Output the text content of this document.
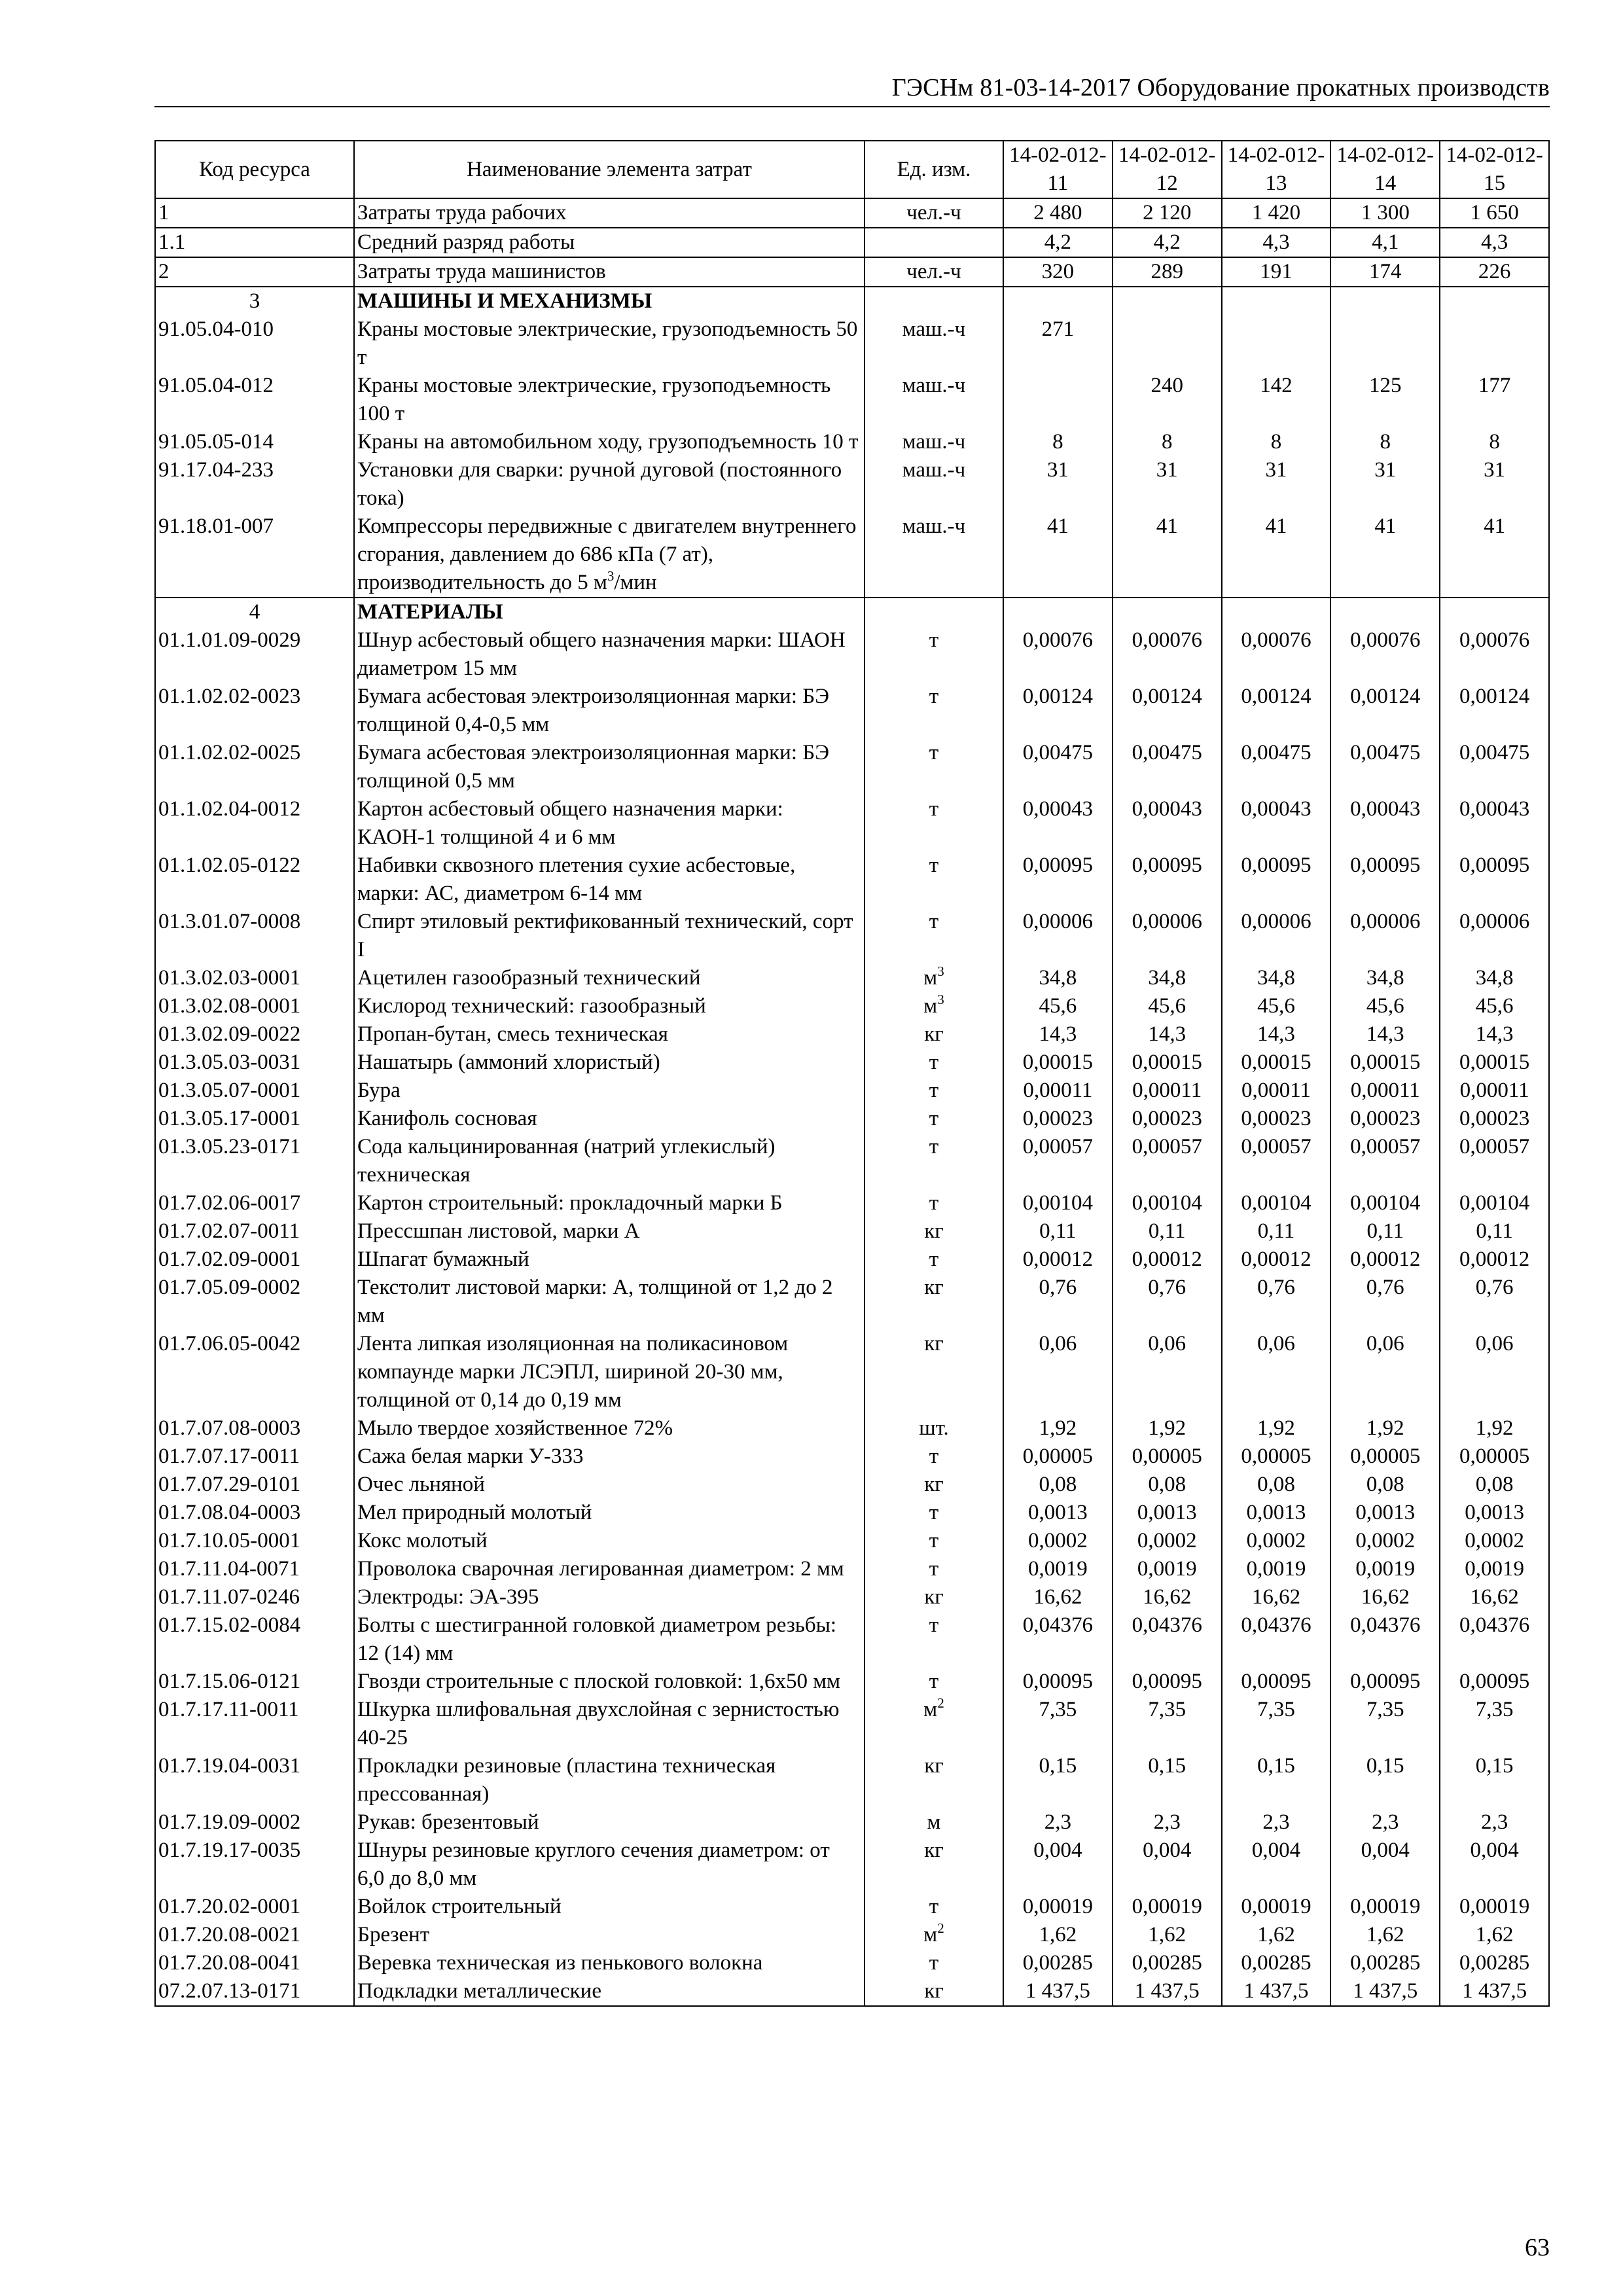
ГЭСНм 81-03-14-2017 Оборудование прокатных производств
Код ресурса	Наименование элемента затрат	Ед. изм.	14-02-012-11	14-02-012-12	14-02-012-13	14-02-012-14	14-02-012-15
1	Затраты труда рабочих	чел.-ч	2 480	2 120	1 420	1 300	1 650
1.1	Средний разряд работы		4,2	4,2	4,3	4,1	4,3
2	Затраты труда машинистов	чел.-ч	320	289	191	174	226
3	МАШИНЫ И МЕХАНИЗМЫ						
91.05.04-010	Краны мостовые электрические, грузоподъемность 50 т	маш.-ч	271				
91.05.04-012	Краны мостовые электрические, грузоподъемность 100 т	маш.-ч		240	142	125	177
91.05.05-014	Краны на автомобильном ходу, грузоподъемность 10 т	маш.-ч	8	8	8	8	8
91.17.04-233	Установки для сварки: ручной дуговой (постоянного тока)	маш.-ч	31	31	31	31	31
91.18.01-007	Компрессоры передвижные с двигателем внутреннего сгорания, давлением до 686 кПа (7 ат), производительность до 5 $м^3$/мин	маш.-ч	41	41	41	41	41
4	МАТЕРИАЛЫ						
01.1.01.09-0029	Шнур асбестовый общего назначения марки: ШАОН диаметром 15 мм	т	0,00076	0,00076	0,00076	0,00076	0,00076
01.1.02.02-0023	Бумага асбестовая электроизоляционная марки: БЭ толщиной 0,4-0,5 мм	т	0,00124	0,00124	0,00124	0,00124	0,00124
01.1.02.02-0025	Бумага асбестовая электроизоляционная марки: БЭ толщиной 0,5 мм	т	0,00475	0,00475	0,00475	0,00475	0,00475
01.1.02.04-0012	Картон асбестовый общего назначения марки: КАОН-1 толщиной 4 и 6 мм	т	0,00043	0,00043	0,00043	0,00043	0,00043
01.1.02.05-0122	Набивки сквозного плетения сухие асбестовые, марки: АС, диаметром 6-14 мм	т	0,00095	0,00095	0,00095	0,00095	0,00095
01.3.01.07-0008	Спирт этиловый ректификованный технический, сорт I	т	0,00006	0,00006	0,00006	0,00006	0,00006
01.3.02.03-0001	Ацетилен газообразный технический	$м^3$	34,8	34,8	34,8	34,8	34,8
01.3.02.08-0001	Кислород технический: газообразный	$м^3$	45,6	45,6	45,6	45,6	45,6
01.3.02.09-0022	Пропан-бутан, смесь техническая	кг	14,3	14,3	14,3	14,3	14,3
01.3.05.03-0031	Нашатырь (аммоний хлористый)	т	0,00015	0,00015	0,00015	0,00015	0,00015
01.3.05.07-0001	Бура	т	0,00011	0,00011	0,00011	0,00011	0,00011
01.3.05.17-0001	Канифоль сосновая	т	0,00023	0,00023	0,00023	0,00023	0,00023
01.3.05.23-0171	Сода кальцинированная (натрий углекислый) техническая	т	0,00057	0,00057	0,00057	0,00057	0,00057
01.7.02.06-0017	Картон строительный: прокладочный марки Б	т	0,00104	0,00104	0,00104	0,00104	0,00104
01.7.02.07-0011	Прессшпан листовой, марки А	кг	0,11	0,11	0,11	0,11	0,11
01.7.02.09-0001	Шпагат бумажный	т	0,00012	0,00012	0,00012	0,00012	0,00012
01.7.05.09-0002	Текстолит листовой марки: А, толщиной от 1,2 до 2 мм	кг	0,76	0,76	0,76	0,76	0,76
01.7.06.05-0042	Лента липкая изоляционная на поликасиновом компаунде марки ЛСЭПЛ, шириной 20-30 мм, толщиной от 0,14 до 0,19 мм	кг	0,06	0,06	0,06	0,06	0,06
01.7.07.08-0003	Мыло твердое хозяйственное 72%	шт.	1,92	1,92	1,92	1,92	1,92
01.7.07.17-0011	Сажа белая марки У-333	т	0,00005	0,00005	0,00005	0,00005	0,00005
01.7.07.29-0101	Очес льняной	кг	0,08	0,08	0,08	0,08	0,08
01.7.08.04-0003	Мел природный молотый	т	0,0013	0,0013	0,0013	0,0013	0,0013
01.7.10.05-0001	Кокс молотый	т	0,0002	0,0002	0,0002	0,0002	0,0002
01.7.11.04-0071	Проволока сварочная легированная диаметром: 2 мм	т	0,0019	0,0019	0,0019	0,0019	0,0019
01.7.11.07-0246	Электроды: ЭА-395	кг	16,62	16,62	16,62	16,62	16,62
01.7.15.02-0084	Болты с шестигранной головкой диаметром резьбы: 12 (14) мм	т	0,04376	0,04376	0,04376	0,04376	0,04376
01.7.15.06-0121	Гвозди строительные с плоской головкой: 1,6х50 мм	т	0,00095	0,00095	0,00095	0,00095	0,00095
01.7.17.11-0011	Шкурка шлифовальная двухслойная с зернистостью 40-25	$м^2$	7,35	7,35	7,35	7,35	7,35
01.7.19.04-0031	Прокладки резиновые (пластина техническая прессованная)	кг	0,15	0,15	0,15	0,15	0,15
01.7.19.09-0002	Рукав: брезентовый	м	2,3	2,3	2,3	2,3	2,3
01.7.19.17-0035	Шнуры резиновые круглого сечения диаметром: от 6,0 до 8,0 мм	кг	0,004	0,004	0,004	0,004	0,004
01.7.20.02-0001	Войлок строительный	т	0,00019	0,00019	0,00019	0,00019	0,00019
01.7.20.08-0021	Брезент	$м^2$	1,62	1,62	1,62	1,62	1,62
01.7.20.08-0041	Веревка техническая из пенькового волокна	т	0,00285	0,00285	0,00285	0,00285	0,00285
07.2.07.13-0171	Подкладки металлические	кг	1 437,5	1 437,5	1 437,5	1 437,5	1 437,5
63
